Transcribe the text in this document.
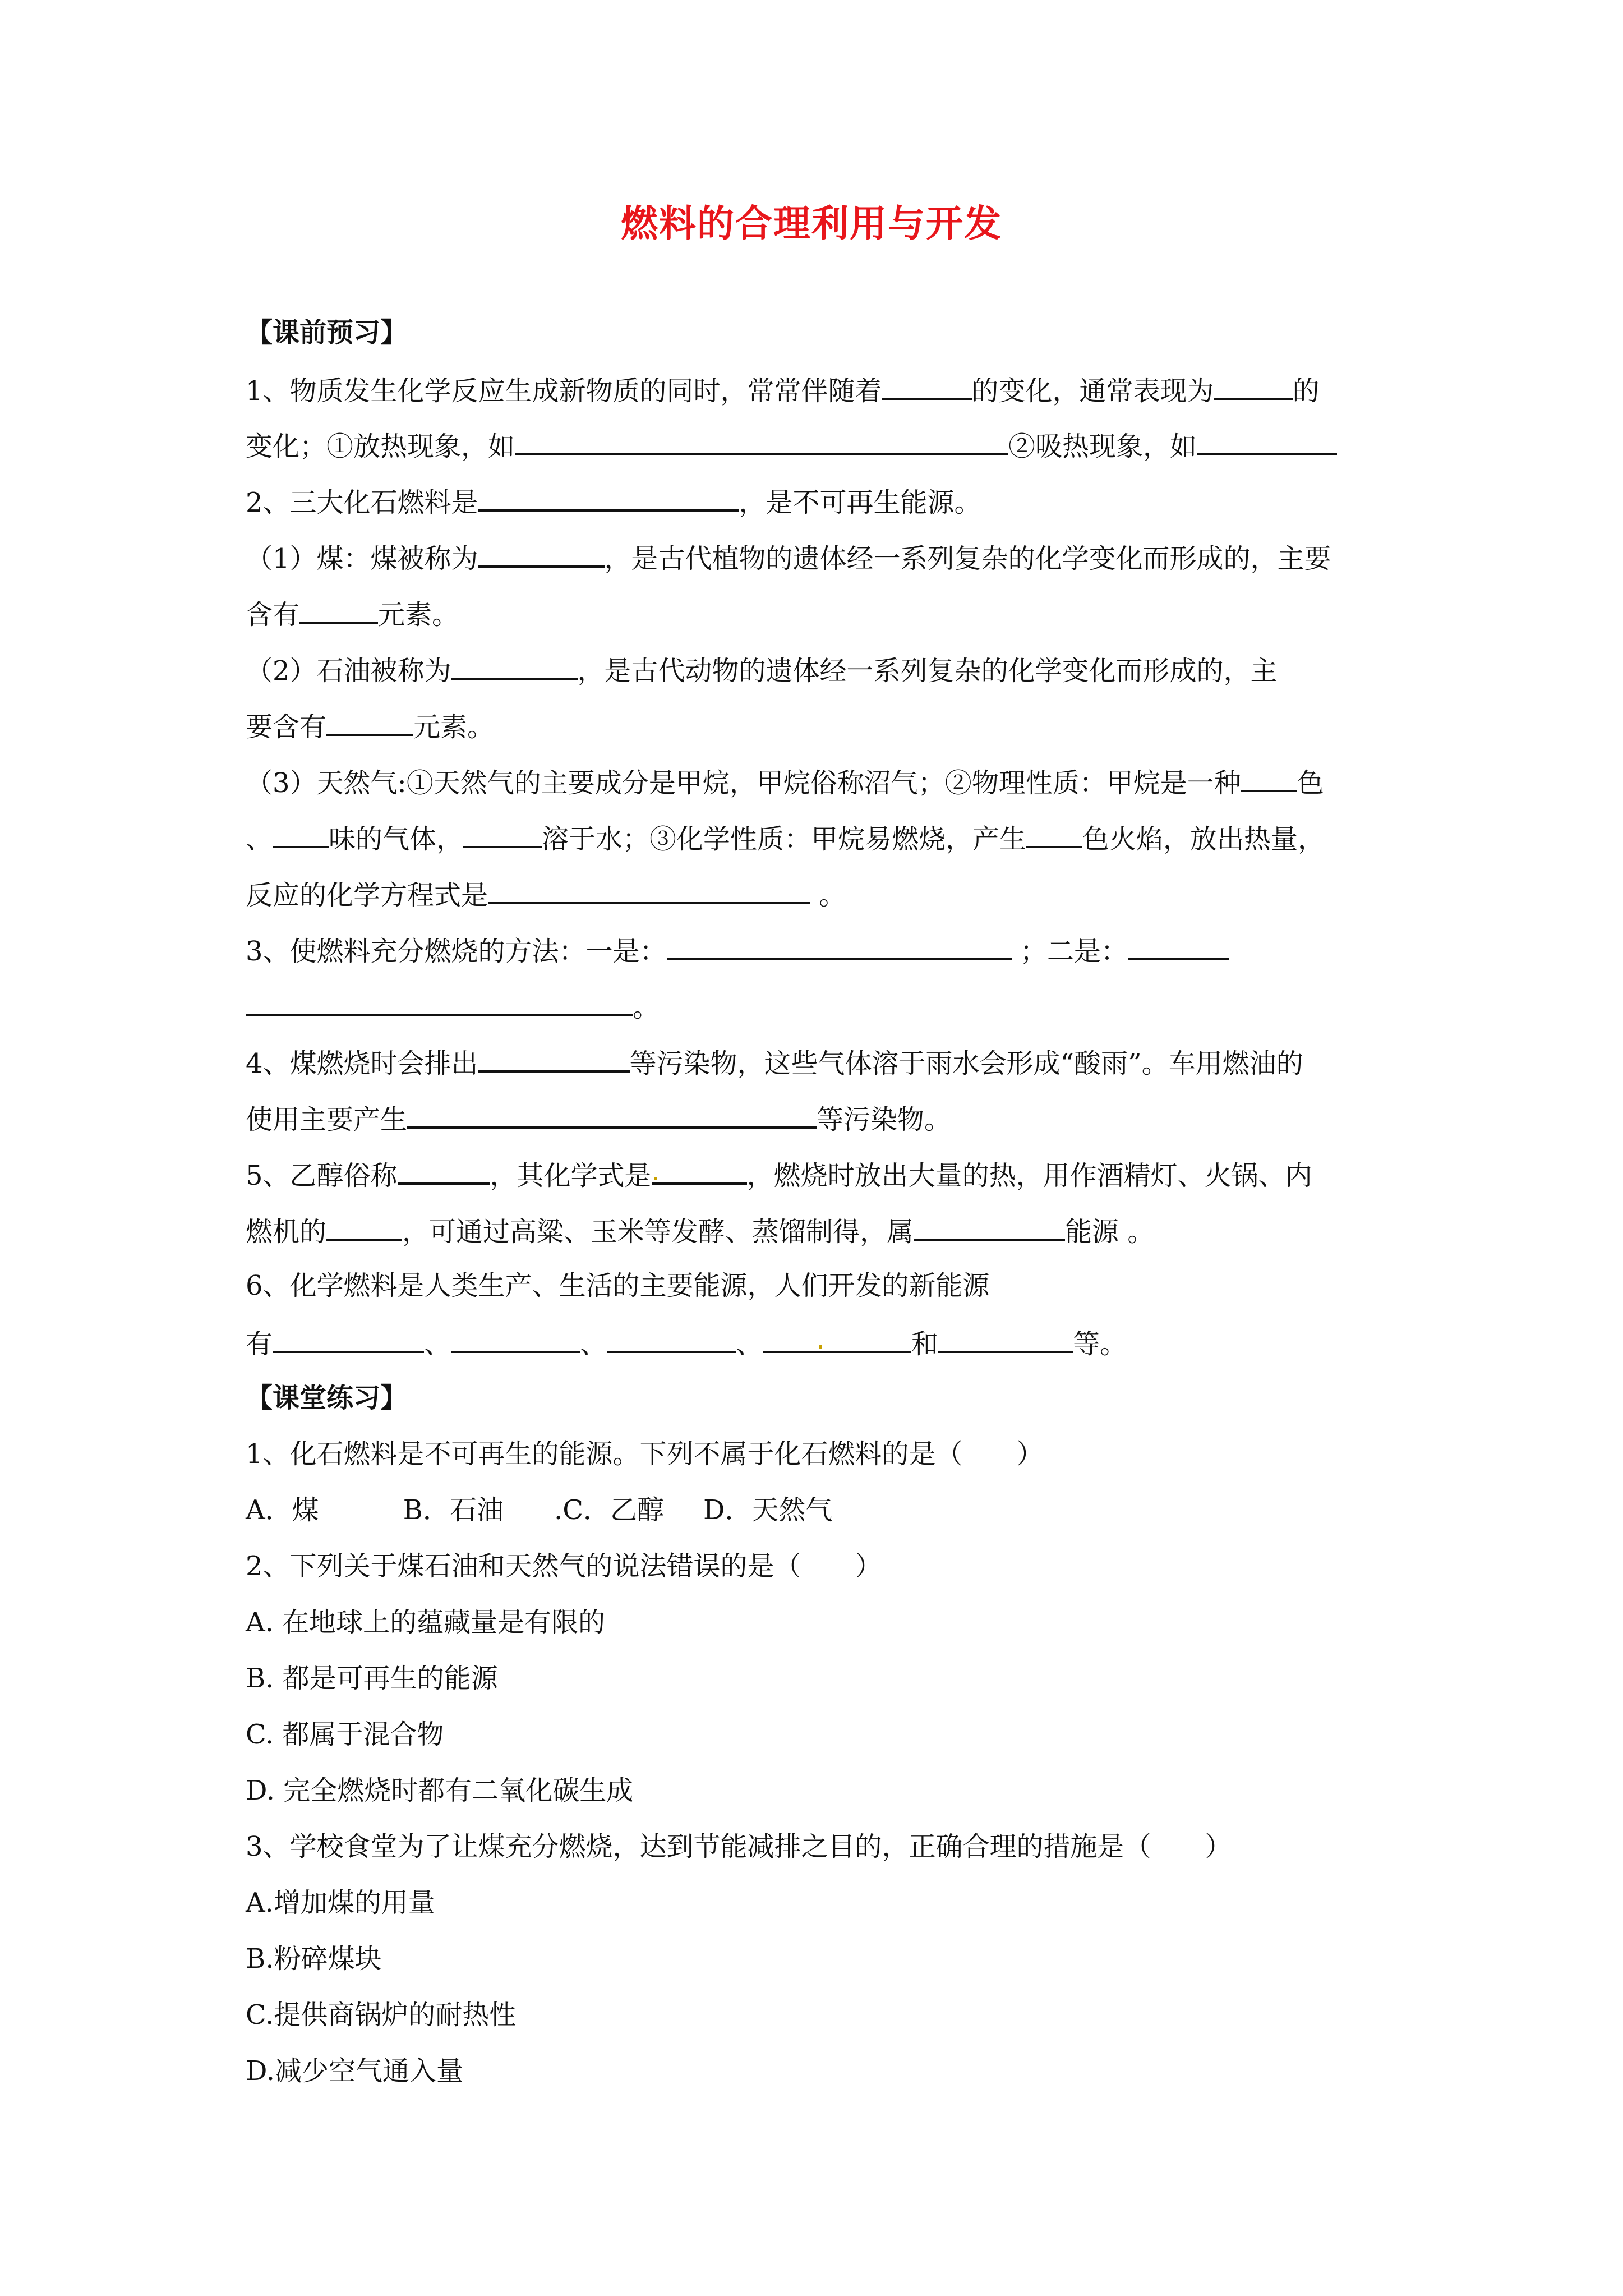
燃料的合理利用与开发
【课前预习】
1、物质发生化学反应生成新物质的同时，常常伴随着	的变化，通常表现为	的
变化；①放热现象，如	②吸热现象，如
2、三大化石燃料是	，是不可再生能源。
（1）煤：煤被称为	，是古代植物的遗体经一系列复杂的化学变化而形成的，主要
含有	元素。
（2）石油被称为	，是古代动物的遗体经一系列复杂的化学变化而形成的，主
要含有	元素。
（3）天然气:①天然气的主要成分是甲烷，甲烷俗称沼气；②物理性质：甲烷是一种 色
、 味的气体，	溶于水；③化学性质：甲烷易燃烧，产生 色火焰，放出热量，
反应的化学方程式是	。
3、使燃料充分燃烧的方法：一是：	；二是：
。
4、煤燃烧时会排出	等污染物，这些气体溶于雨水会形成“酸雨”。车用燃油的
使用主要产生	等污染物。
5、乙醇俗称	，其化学式是	，燃烧时放出大量的热，用作酒精灯、火锅、内
燃机的	，可通过高粱、玉米等发酵、蒸馏制得，属	能源 。
6、化学燃料是人类生产、生活的主要能源，人们开发的新能源
有	、	、	、	和	等。
【课堂练习】
1、化石燃料是不可再生的能源。下列不属于化石燃料的是（　　）
A．煤	B．石油 .C．乙醇 D．天然气
2、下列关于煤石油和天然气的说法错误的是（　　）
A. 在地球上的蕴藏量是有限的
B. 都是可再生的能源
C. 都属于混合物
D. 完全燃烧时都有二氧化碳生成
3、学校食堂为了让煤充分燃烧，达到节能减排之目的，正确合理的措施是（　　）
A.增加煤的用量
B.粉碎煤块
C.提供商锅炉的耐热性
D.减少空气通入量
